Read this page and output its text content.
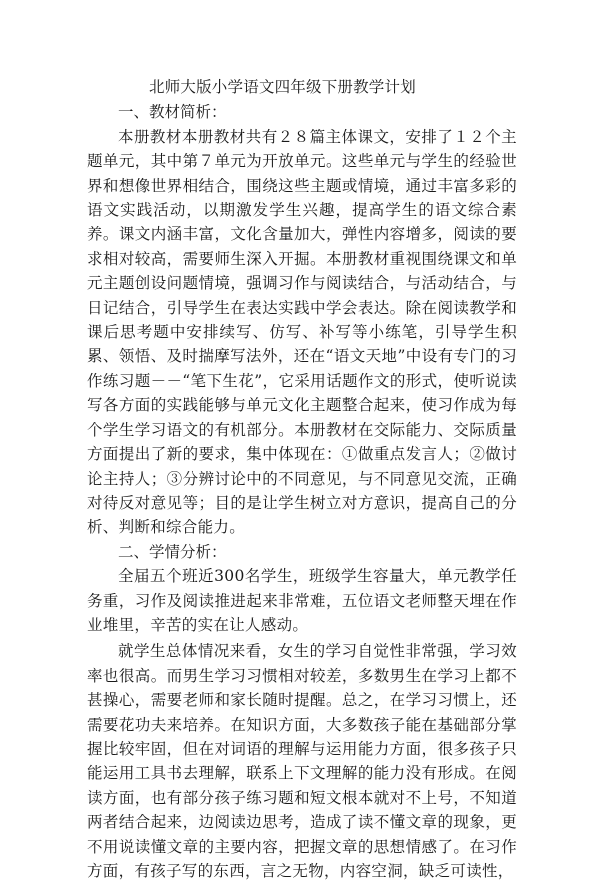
北师大版小学语文四年级下册教学计划
一、教材简析：

本册教材本册教材共有２８篇主体课文，安排了１２个主题单元，其中第７单元为开放单元。这些单元与学生的经验世界和想像世界相结合，围绕这些主题或情境，通过丰富多彩的语文实践活动，以期激发学生兴趣，提高学生的语文综合素养。课文内涵丰富，文化含量加大，弹性内容增多，阅读的要求相对较高，需要师生深入开掘。本册教材重视围绕课文和单元主题创设问题情境，强调习作与阅读结合，与活动结合，与日记结合，引导学生在表达实践中学会表达。除在阅读教学和课后思考题中安排续写、仿写、补写等小练笔，引导学生积累、领悟、及时揣摩写法外，还在“语文天地”中设有专门的习作练习题－－“笔下生花”，它采用话题作文的形式，使听说读写各方面的实践能够与单元文化主题整合起来，使习作成为每个学生学习语文的有机部分。本册教材在交际能力、交际质量方面提出了新的要求，集中体现在：①做重点发言人；②做讨论主持人；③分辨讨论中的不同意见，与不同意见交流，正确对待反对意见等；目的是让学生树立对方意识，提高自己的分析、判断和综合能力。

二、学情分析：

全届五个班近300名学生，班级学生容量大，单元教学任务重，习作及阅读推进起来非常难，五位语文老师整天埋在作业堆里，辛苦的实在让人感动。

就学生总体情况来看，女生的学习自觉性非常强，学习效率也很高。而男生学习习惯相对较差，多数男生在学习上都不甚操心，需要老师和家长随时提醒。总之，在学习习惯上，还需要花功夫来培养。在知识方面，大多数孩子能在基础部分掌握比较牢固，但在对词语的理解与运用能力方面，很多孩子只能运用工具书去理解，联系上下文理解的能力没有形成。在阅读方面，也有部分孩子练习题和短文根本就对不上号，不知道两者结合起来，边阅读边思考，造成了读不懂文章的现象，更不用说读懂文章的主要内容，把握文章的思想情感了。在习作方面，有孩子写的东西，言之无物，内容空洞，缺乏可读性，
